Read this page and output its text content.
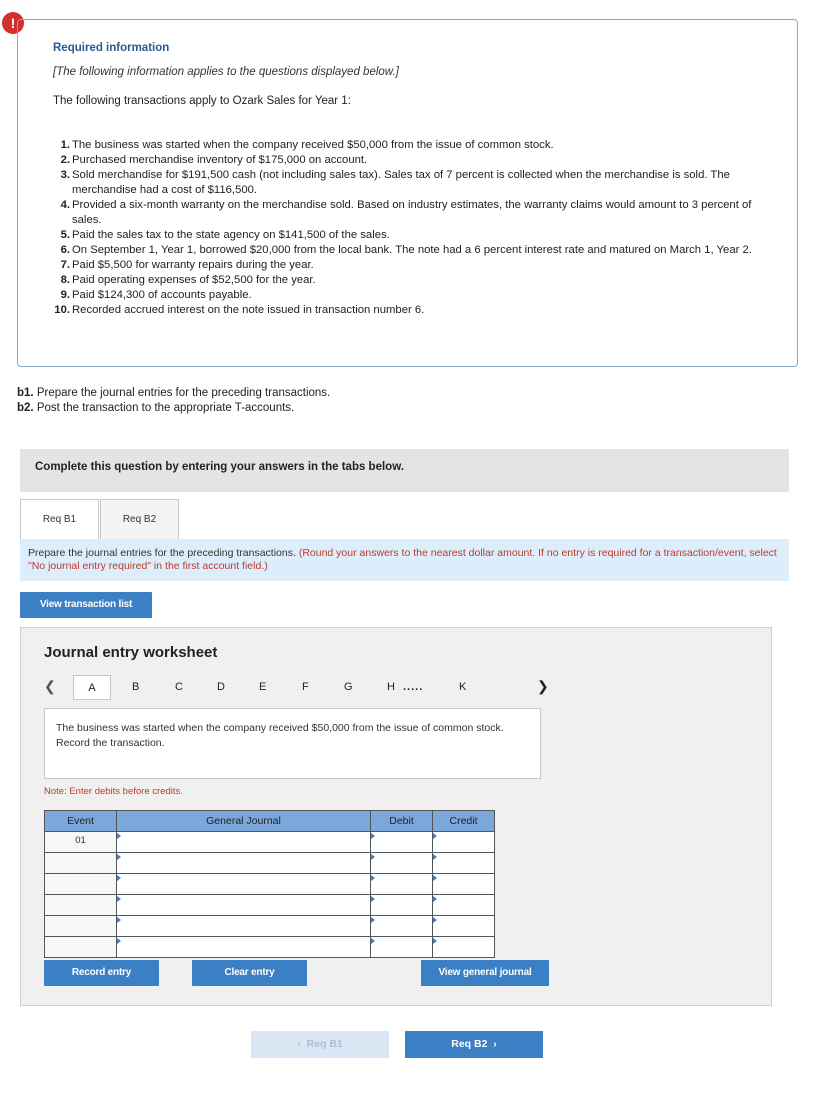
!
Required information
[The following information applies to the questions displayed below.]
The following transactions apply to Ozark Sales for Year 1:
1. The business was started when the company received $50,000 from the issue of common stock.
2. Purchased merchandise inventory of $175,000 on account.
3. Sold merchandise for $191,500 cash (not including sales tax). Sales tax of 7 percent is collected when the merchandise is sold. The merchandise had a cost of $116,500.
4. Provided a six-month warranty on the merchandise sold. Based on industry estimates, the warranty claims would amount to 3 percent of sales.
5. Paid the sales tax to the state agency on $141,500 of the sales.
6. On September 1, Year 1, borrowed $20,000 from the local bank. The note had a 6 percent interest rate and matured on March 1, Year 2.
7. Paid $5,500 for warranty repairs during the year.
8. Paid operating expenses of $52,500 for the year.
9. Paid $124,300 of accounts payable.
10. Recorded accrued interest on the note issued in transaction number 6.
b1. Prepare the journal entries for the preceding transactions.
b2. Post the transaction to the appropriate T-accounts.
Complete this question by entering your answers in the tabs below.
Req B1	Req B2
Prepare the journal entries for the preceding transactions. (Round your answers to the nearest dollar amount. If no entry is required for a transaction/event, select "No journal entry required" in the first account field.)
View transaction list
Journal entry worksheet
❮	A	B	C	D	E	F	G	H .....	K	❯
The business was started when the company received $50,000 from the issue of common stock. Record the transaction.
Note: Enter debits before credits.
Event	General Journal	Debit	Credit
01			

Record entry	Clear entry	View general journal
‹ Req B1	Req B2 ›
